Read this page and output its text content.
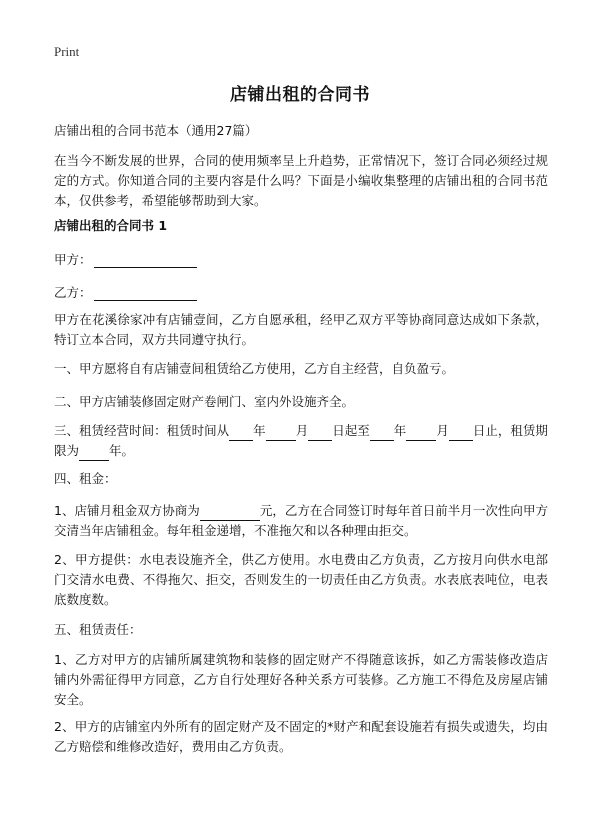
Print
店铺出租的合同书

店铺出租的合同书范本（通用27篇）

在当今不断发展的世界，合同的使用频率呈上升趋势，正常情况下，签订合同必须经过规定的方式。你知道合同的主要内容是什么吗？下面是小编收集整理的店铺出租的合同书范本，仅供参考，希望能够帮助到大家。

店铺出租的合同书 1

甲方：

乙方：

甲方在花溪徐家冲有店铺壹间，乙方自愿承租，经甲乙双方平等协商同意达成如下条款，特订立本合同，双方共同遵守执行。

一、甲方愿将自有店铺壹间租赁给乙方使用，乙方自主经营，自负盈亏。

二、甲方店铺装修固定财产卷闸门、室内外设施齐全。

三、租赁经营时间：租赁时间从 年 月 日起至 年 月 日止，租赁期限为 年。

四、租金：

1、店铺月租金双方协商为	元，乙方在合同签订时每年首日前半月一次性向甲方交清当年店铺租金。每年租金递增，不准拖欠和以各种理由拒交。

2、甲方提供：水电表设施齐全，供乙方使用。水电费由乙方负责，乙方按月向供水电部门交清水电费、不得拖欠、拒交，否则发生的一切责任由乙方负责。水表底表吨位，电表底数度数。

五、租赁责任：

1、乙方对甲方的店铺所属建筑物和装修的固定财产不得随意该拆，如乙方需装修改造店铺内外需征得甲方同意，乙方自行处理好各种关系方可装修。乙方施工不得危及房屋店铺安全。

2、甲方的店铺室内外所有的固定财产及不固定的*财产和配套设施若有损失或遗失，均由乙方赔偿和维修改造好，费用由乙方负责。
